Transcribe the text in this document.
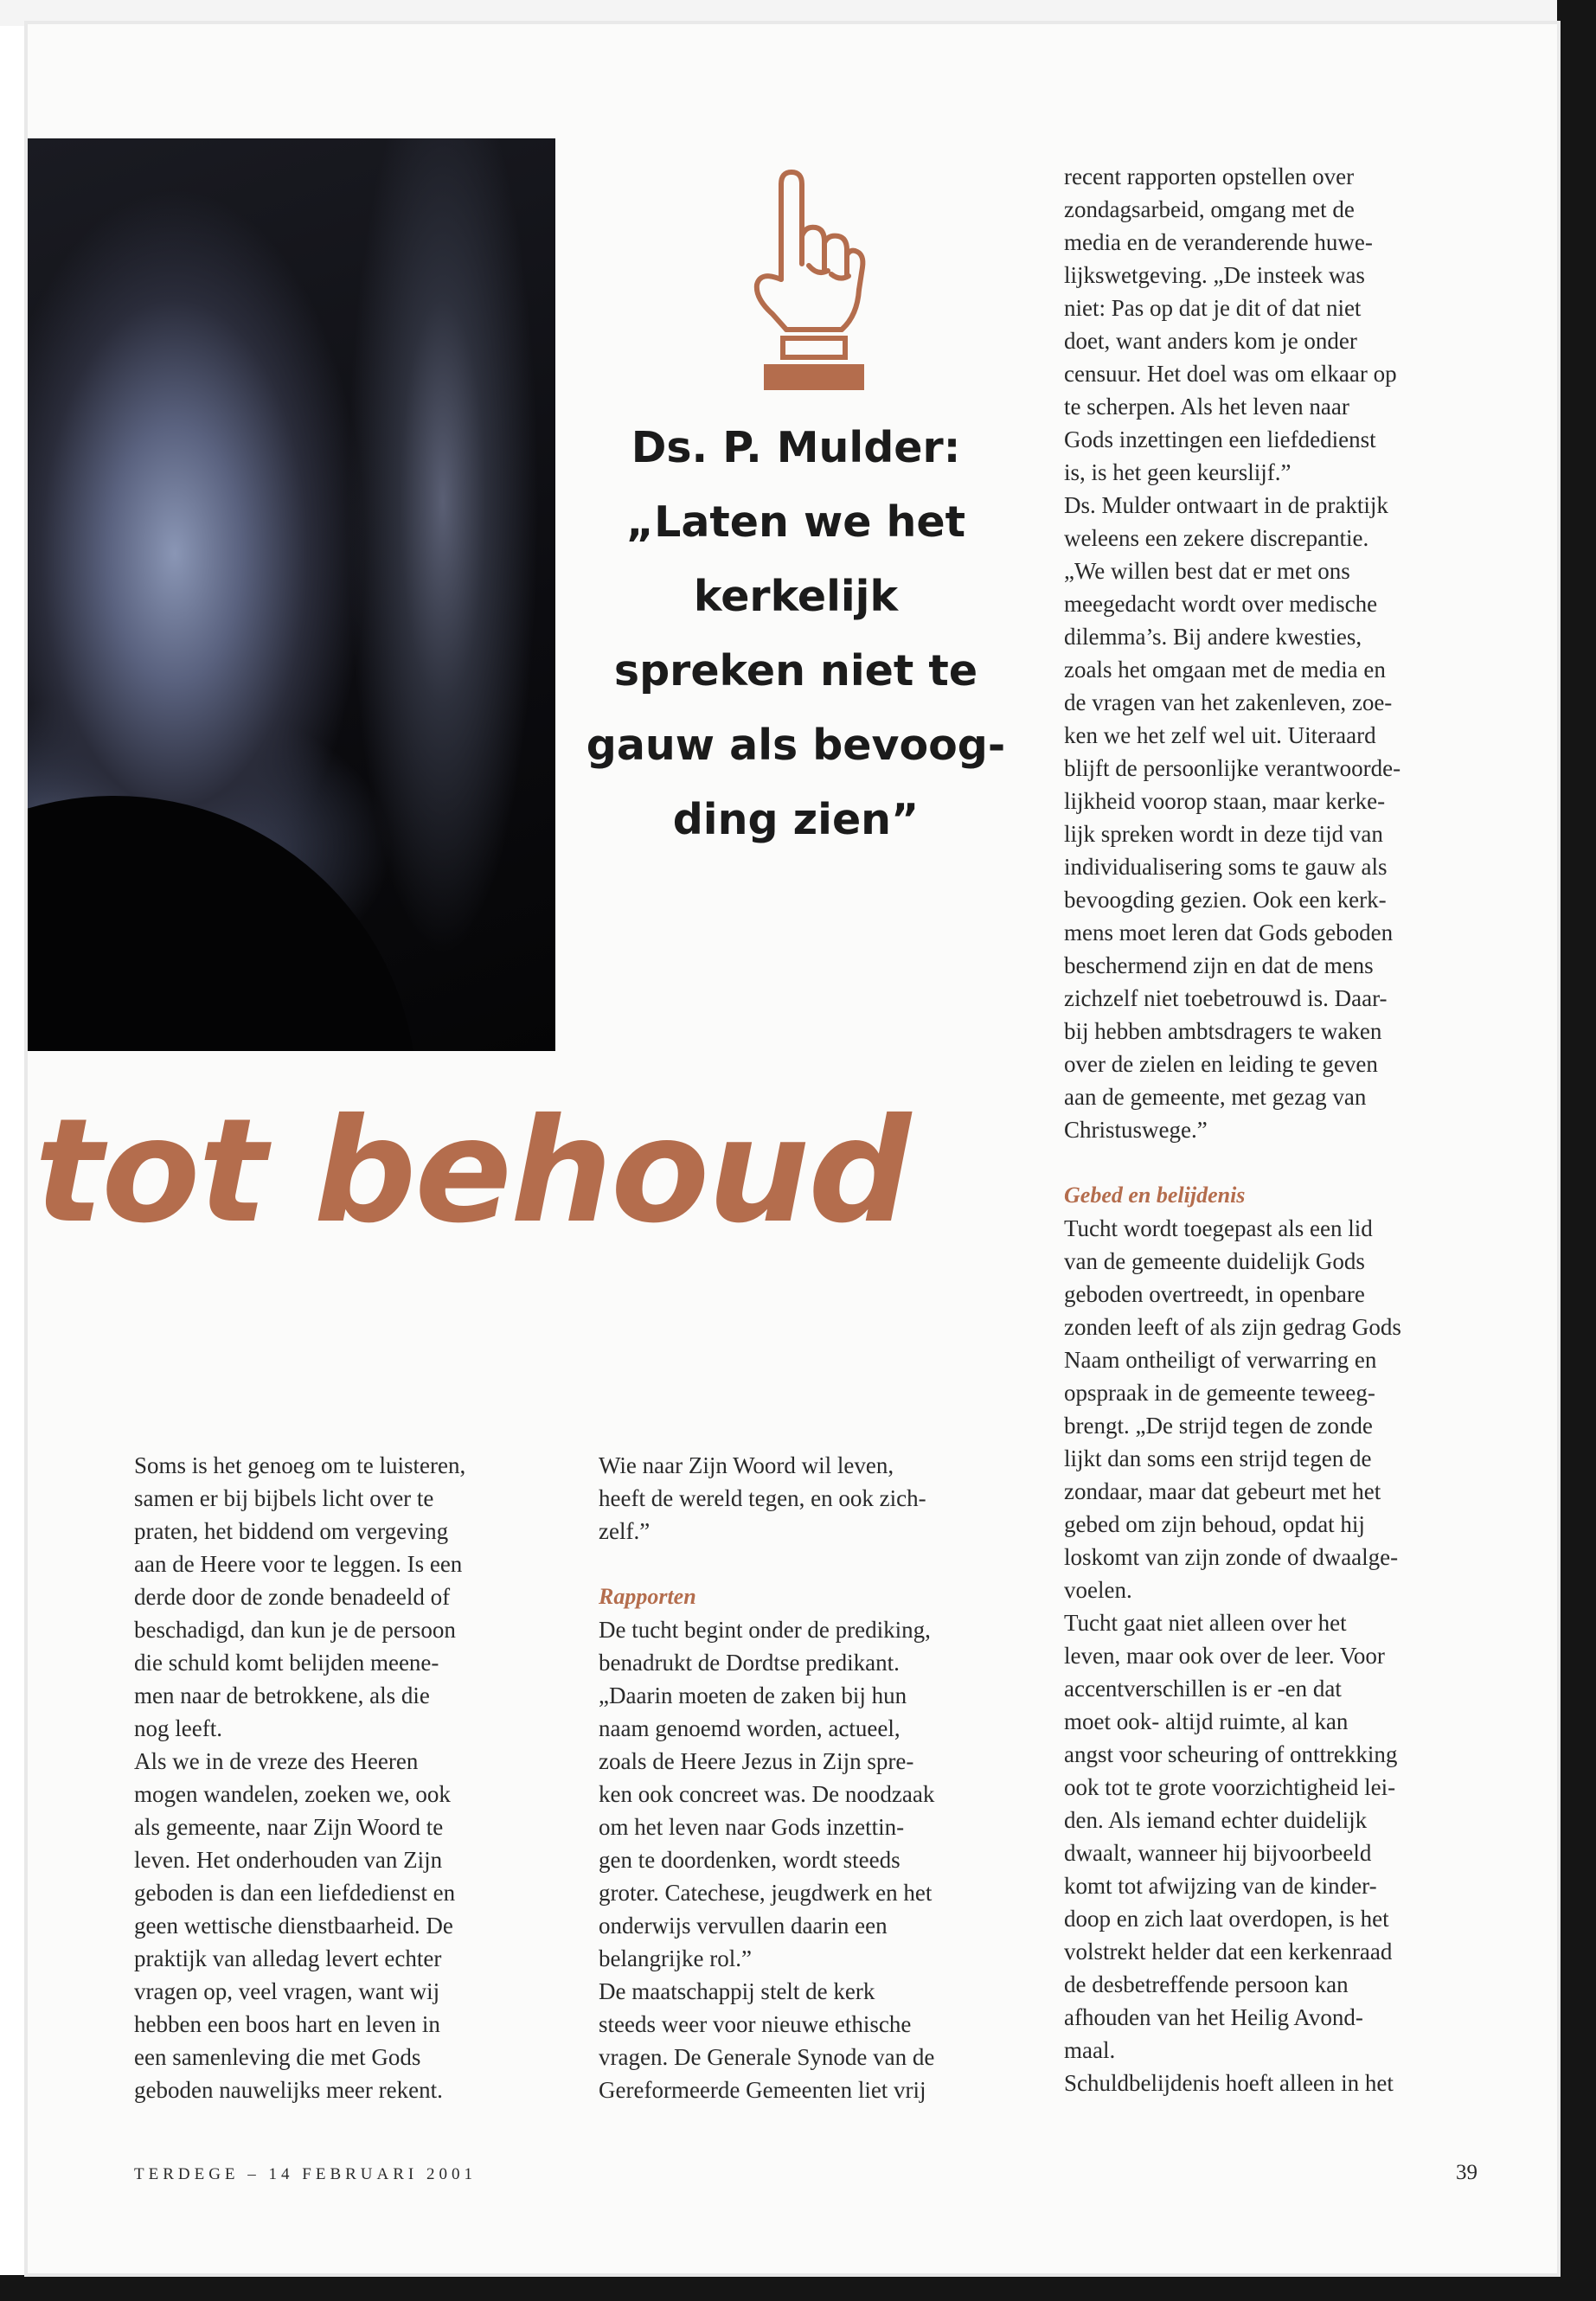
Ds. P. Mulder:
„Laten we het
kerkelijk
spreken niet te
gauw als bevoog-
ding zien”
tot behoud

Soms is het genoeg om te luisteren,

samen er bij bijbels licht over te

praten, het biddend om vergeving

aan de Heere voor te leggen. Is een

derde door de zonde benadeeld of

beschadigd, dan kun je de persoon

die schuld komt belijden meene-

men naar de betrokkene, als die

nog leeft.

Als we in de vreze des Heeren

mogen wandelen, zoeken we, ook

als gemeente, naar Zijn Woord te

leven. Het onderhouden van Zijn

geboden is dan een liefdedienst en

geen wettische dienstbaarheid. De

praktijk van alledag levert echter

vragen op, veel vragen, want wij

hebben een boos hart en leven in

een samenleving die met Gods

geboden nauwelijks meer rekent.

Wie naar Zijn Woord wil leven,

heeft de wereld tegen, en ook zich-

zelf.”

Rapporten

De tucht begint onder de prediking,

benadrukt de Dordtse predikant.

„Daarin moeten de zaken bij hun

naam genoemd worden, actueel,

zoals de Heere Jezus in Zijn spre-

ken ook concreet was. De noodzaak

om het leven naar Gods inzettin-

gen te doordenken, wordt steeds

groter. Catechese, jeugdwerk en het

onderwijs vervullen daarin een

belangrijke rol.”

De maatschappij stelt de kerk

steeds weer voor nieuwe ethische

vragen. De Generale Synode van de

Gereformeerde Gemeenten liet vrij

recent rapporten opstellen over

zondagsarbeid, omgang met de

media en de veranderende huwe-

lijkswetgeving. „De insteek was

niet: Pas op dat je dit of dat niet

doet, want anders kom je onder

censuur. Het doel was om elkaar op

te scherpen. Als het leven naar

Gods inzettingen een liefdedienst

is, is het geen keurslijf.”

Ds. Mulder ontwaart in de praktijk

weleens een zekere discrepantie.

„We willen best dat er met ons

meegedacht wordt over medische

dilemma’s. Bij andere kwesties,

zoals het omgaan met de media en

de vragen van het zakenleven, zoe-

ken we het zelf wel uit. Uiteraard

blijft de persoonlijke verantwoorde-

lijkheid voorop staan, maar kerke-

lijk spreken wordt in deze tijd van

individualisering soms te gauw als

bevoogding gezien. Ook een kerk-

mens moet leren dat Gods geboden

beschermend zijn en dat de mens

zichzelf niet toebetrouwd is. Daar-

bij hebben ambtsdragers te waken

over de zielen en leiding te geven

aan de gemeente, met gezag van

Christuswege.”

Gebed en belijdenis

Tucht wordt toegepast als een lid

van de gemeente duidelijk Gods

geboden overtreedt, in openbare

zonden leeft of als zijn gedrag Gods

Naam ontheiligt of verwarring en

opspraak in de gemeente teweeg-

brengt. „De strijd tegen de zonde

lijkt dan soms een strijd tegen de

zondaar, maar dat gebeurt met het

gebed om zijn behoud, opdat hij

loskomt van zijn zonde of dwaalge-

voelen.

Tucht gaat niet alleen over het

leven, maar ook over de leer. Voor

accentverschillen is er -en dat

moet ook- altijd ruimte, al kan

angst voor scheuring of onttrekking

ook tot te grote voorzichtigheid lei-

den. Als iemand echter duidelijk

dwaalt, wanneer hij bijvoorbeeld

komt tot afwijzing van de kinder-

doop en zich laat overdopen, is het

volstrekt helder dat een kerkenraad

de desbetreffende persoon kan

afhouden van het Heilig Avond-

maal.

Schuldbelijdenis hoeft alleen in het

TERDEGE – 14 FEBRUARI 2001	39
